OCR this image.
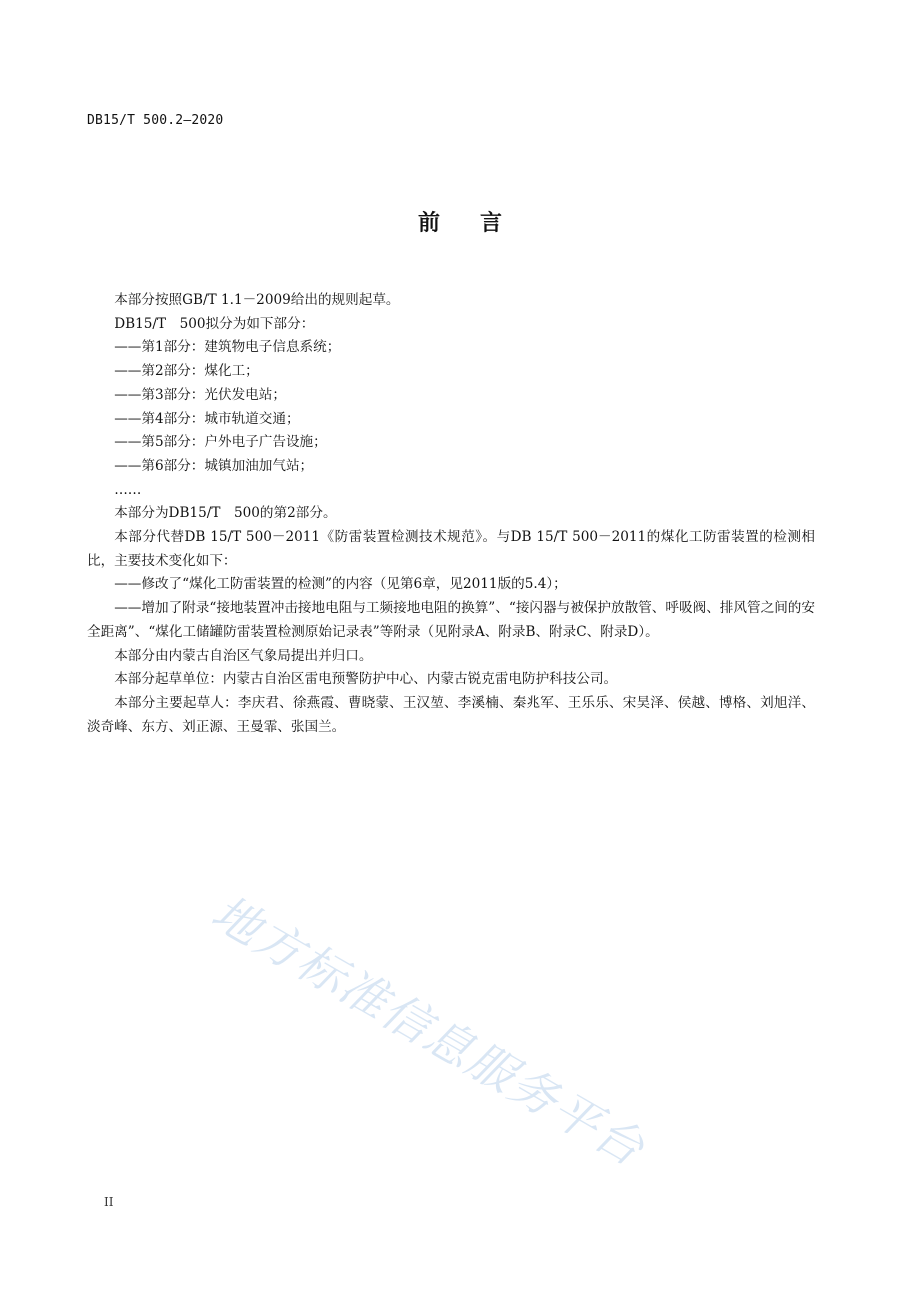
DB15/T 500.2—2020
前言

本部分按照GB/T 1.1－2009给出的规则起草。

DB15/T　500拟分为如下部分：

——第1部分：建筑物电子信息系统；

——第2部分：煤化工；

——第3部分：光伏发电站；

——第4部分：城市轨道交通；

——第5部分：户外电子广告设施；

——第6部分：城镇加油加气站；

……

本部分为DB15/T　500的第2部分。

本部分代替DB 15/T 500－2011《防雷装置检测技术规范》。与DB 15/T 500－2011的煤化工防雷装置的检测相比，主要技术变化如下：

——修改了“煤化工防雷装置的检测”的内容（见第6章，见2011版的5.4）；

——增加了附录“接地装置冲击接地电阻与工频接地电阻的换算”、“接闪器与被保护放散管、呼吸阀、排风管之间的安全距离”、“煤化工储罐防雷装置检测原始记录表”等附录（见附录A、附录B、附录C、附录D）。

本部分由内蒙古自治区气象局提出并归口。

本部分起草单位：内蒙古自治区雷电预警防护中心、内蒙古锐克雷电防护科技公司。

本部分主要起草人：李庆君、徐燕霞、曹晓蒙、王汉堃、李溪楠、秦兆军、王乐乐、宋昊泽、侯越、博格、刘旭洋、淡奇峰、东方、刘正源、王曼霏、张国兰。

地方标准信息服务平台
II
